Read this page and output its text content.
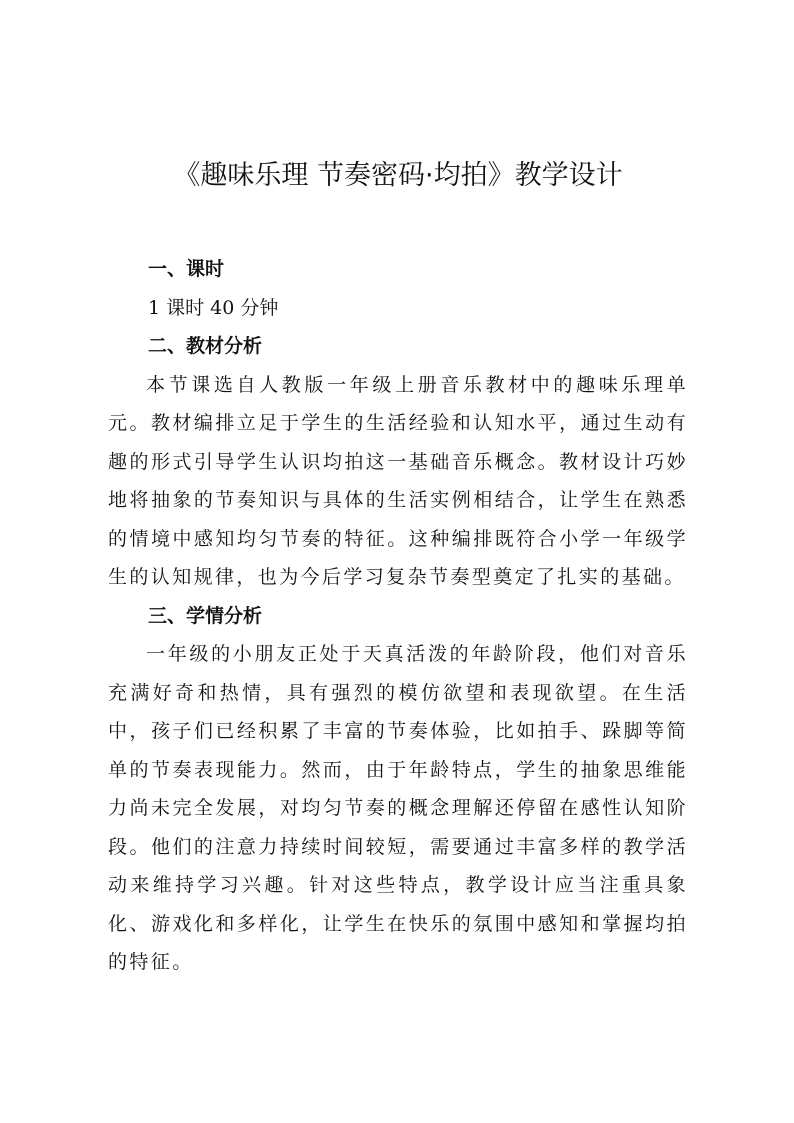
《趣味乐理 节奏密码·均拍》教学设计
一、课时

1 课时 40 分钟

二、教材分析

本节课选自人教版一年级上册音乐教材中的趣味乐理单元。教材编排立足于学生的生活经验和认知水平，通过生动有趣的形式引导学生认识均拍这一基础音乐概念。教材设计巧妙地将抽象的节奏知识与具体的生活实例相结合，让学生在熟悉的情境中感知均匀节奏的特征。这种编排既符合小学一年级学生的认知规律，也为今后学习复杂节奏型奠定了扎实的基础。

三、学情分析

一年级的小朋友正处于天真活泼的年龄阶段，他们对音乐充满好奇和热情，具有强烈的模仿欲望和表现欲望。在生活中，孩子们已经积累了丰富的节奏体验，比如拍手、跺脚等简单的节奏表现能力。然而，由于年龄特点，学生的抽象思维能力尚未完全发展，对均匀节奏的概念理解还停留在感性认知阶段。他们的注意力持续时间较短，需要通过丰富多样的教学活动来维持学习兴趣。针对这些特点，教学设计应当注重具象化、游戏化和多样化，让学生在快乐的氛围中感知和掌握均拍的特征。
